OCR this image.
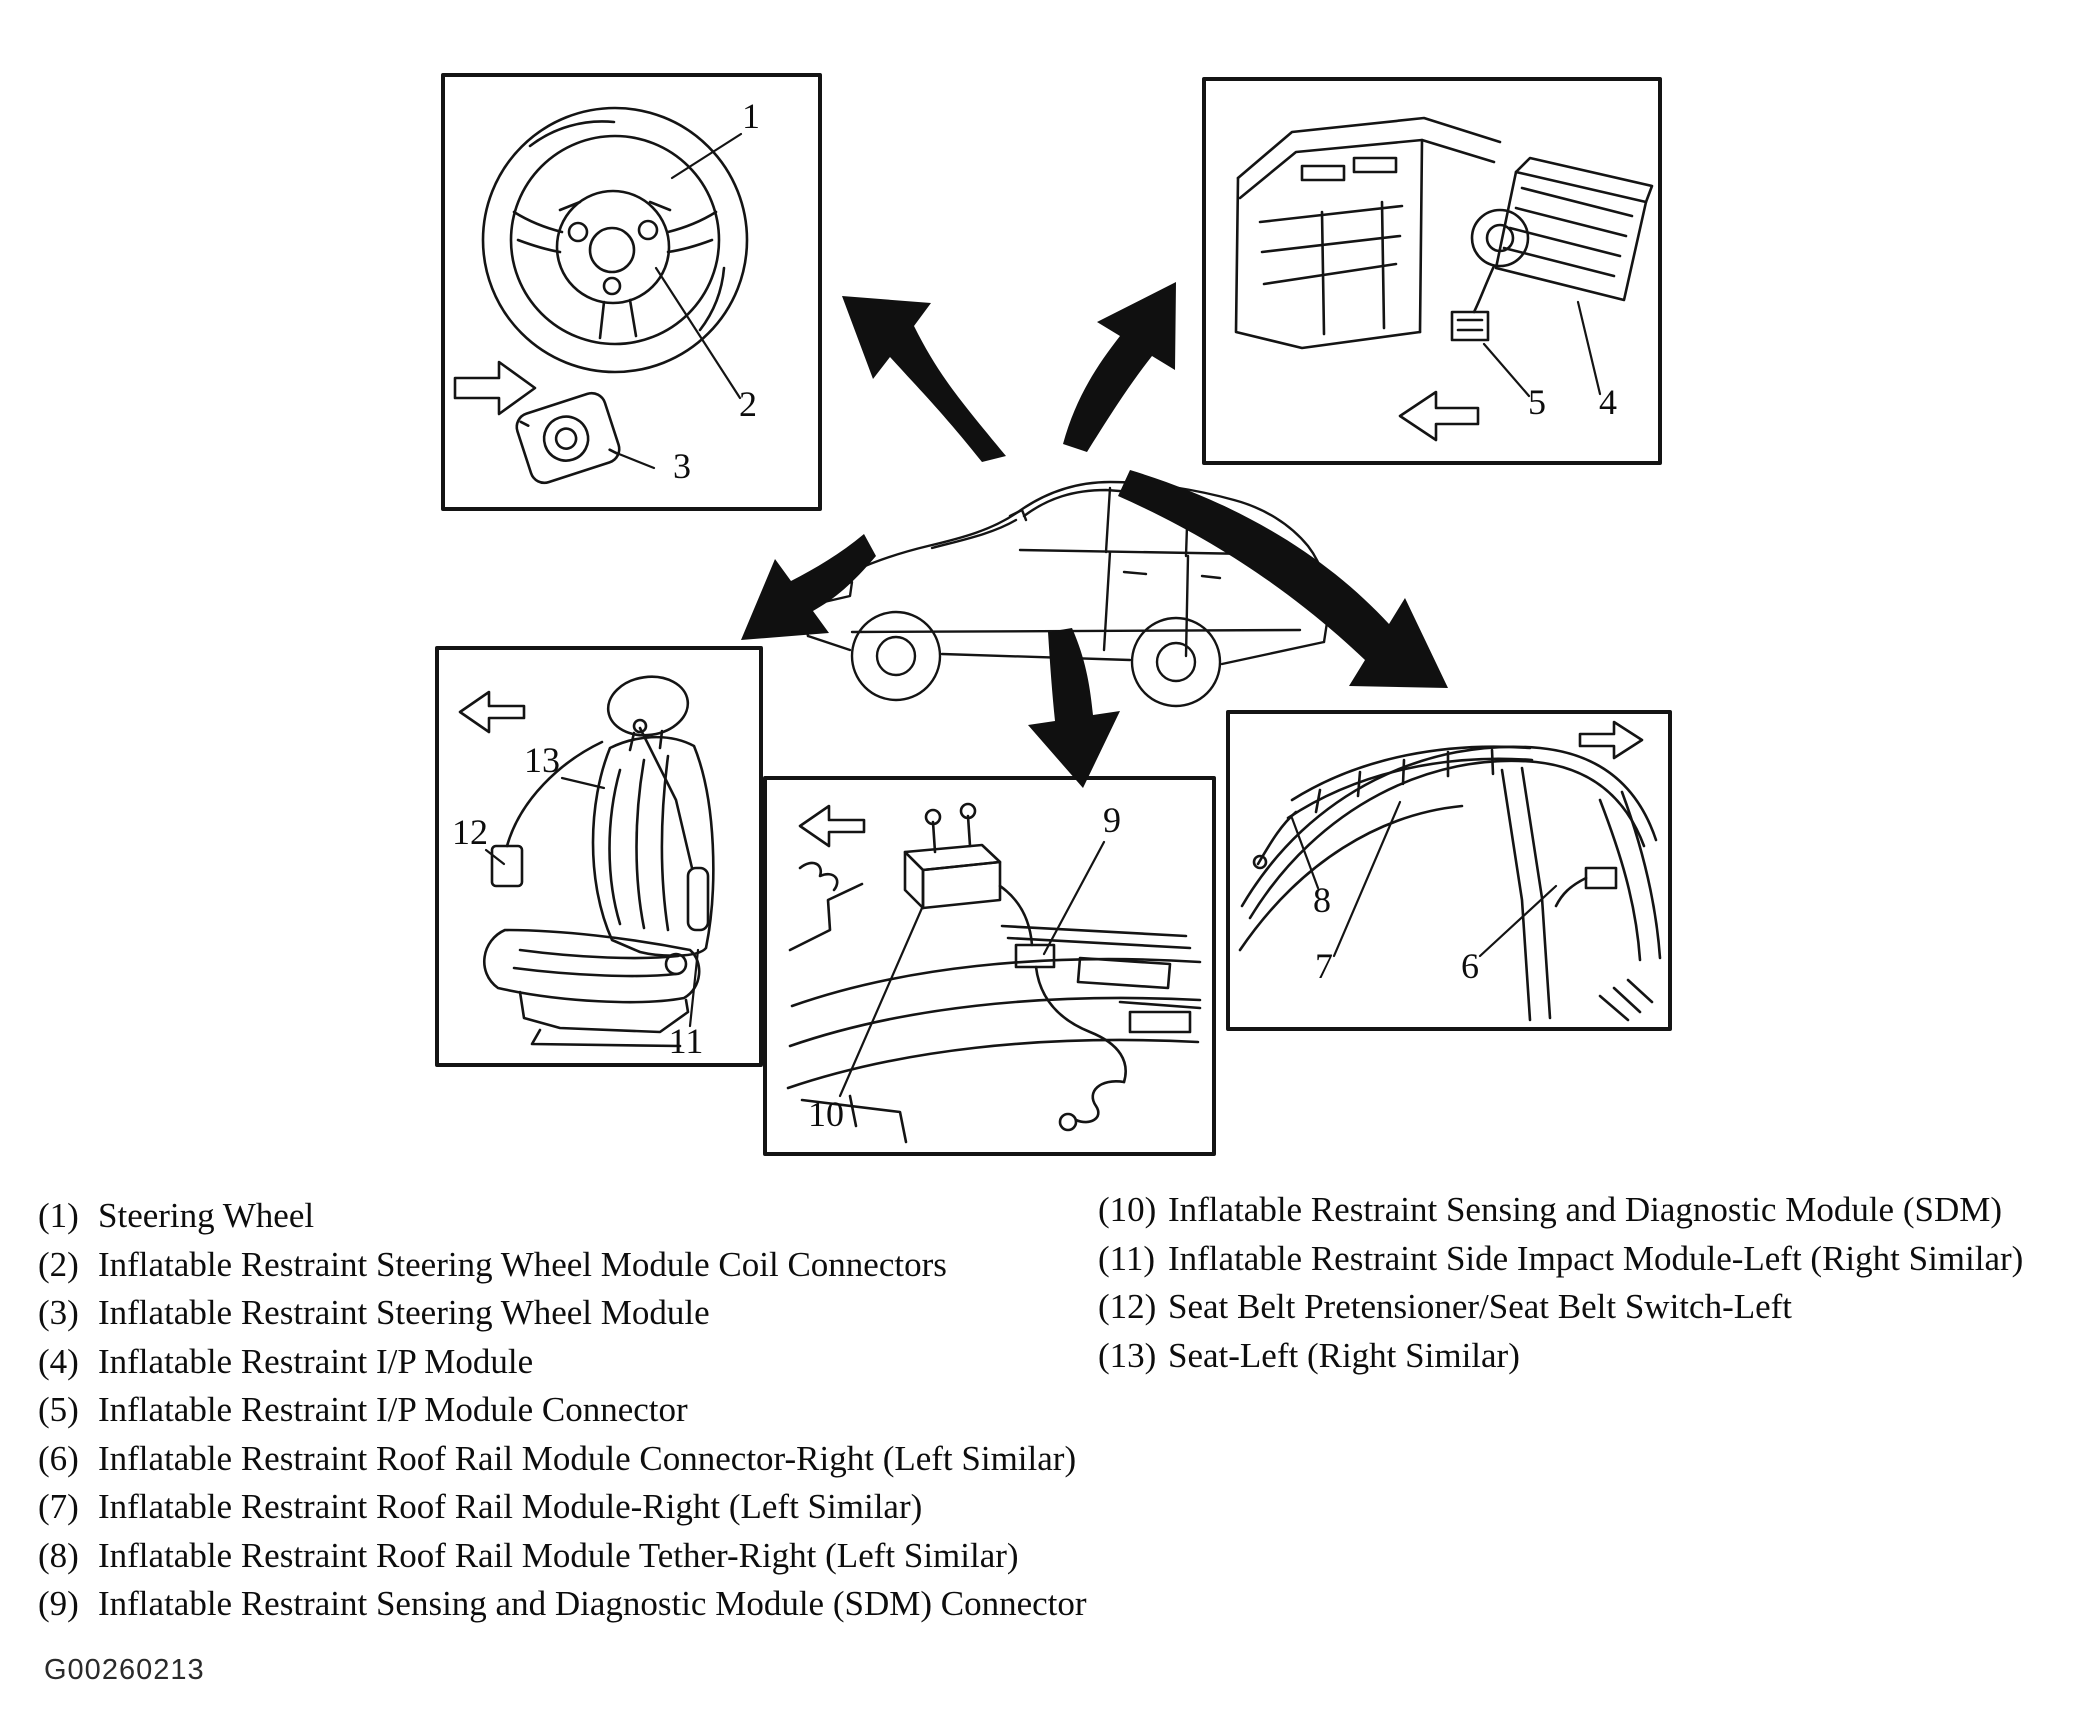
1
2
3
4
5
6
7
8
9
10
11
12
13
(1) Steering Wheel
(2) Inflatable Restraint Steering Wheel Module Coil Connectors
(3) Inflatable Restraint Steering Wheel Module
(4) Inflatable Restraint I/P Module
(5) Inflatable Restraint I/P Module Connector
(6) Inflatable Restraint Roof Rail Module Connector-Right (Left Similar)
(7) Inflatable Restraint Roof Rail Module-Right (Left Similar)
(8) Inflatable Restraint Roof Rail Module Tether-Right (Left Similar)
(9) Inflatable Restraint Sensing and Diagnostic Module (SDM) Connector
(10) Inflatable Restraint Sensing and Diagnostic Module (SDM)
(11) Inflatable Restraint Side Impact Module-Left (Right Similar)
(12) Seat Belt Pretensioner/Seat Belt Switch-Left
(13) Seat-Left (Right Similar)
G00260213
